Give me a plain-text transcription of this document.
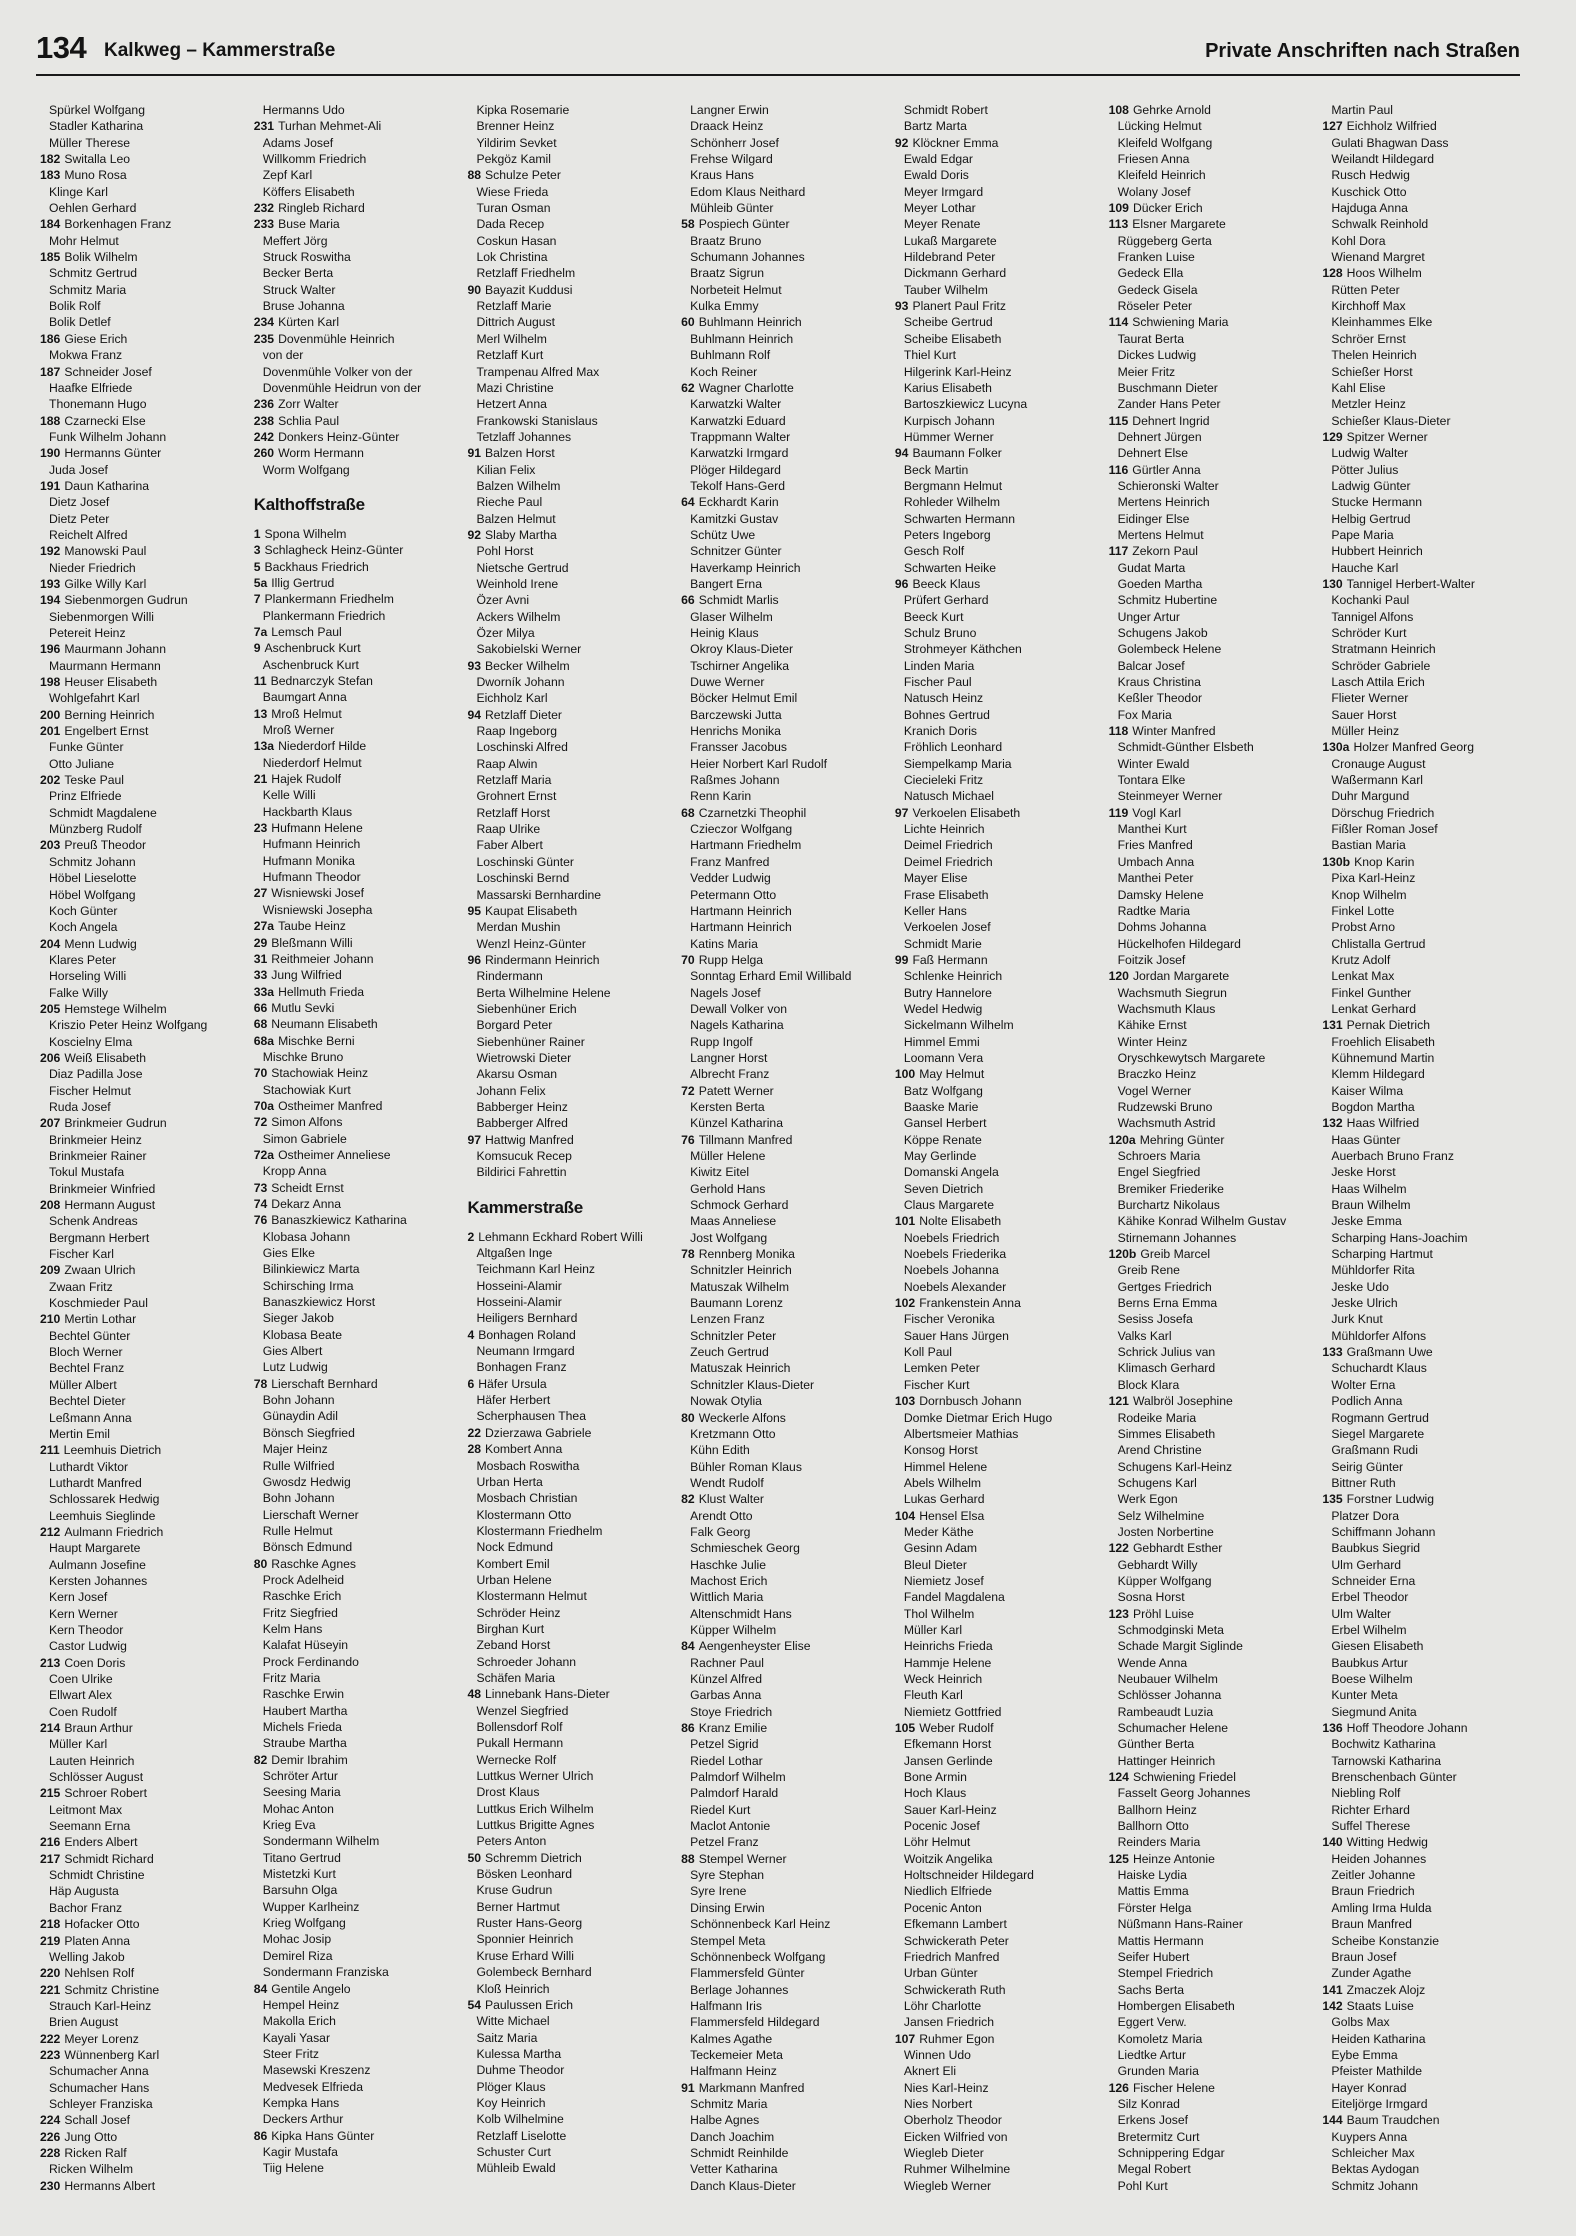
134 Kalkweg – Kammerstraße	Private Anschriften nach Straßen
Spürkel Wolfgang
Stadler Katharina
Müller Therese
182 Switalla Leo
183 Muno Rosa
Klinge Karl
Oehlen Gerhard
184 Borkenhagen Franz
Mohr Helmut
185 Bolik Wilhelm
Schmitz Gertrud
Schmitz Maria
Bolik Rolf
Bolik Detlef
186 Giese Erich
Mokwa Franz
187 Schneider Josef
Haafke Elfriede
Thonemann Hugo
188 Czarnecki Else
Funk Wilhelm Johann
190 Hermanns Günter
Juda Josef
191 Daun Katharina
Dietz Josef
Dietz Peter
Reichelt Alfred
192 Manowski Paul
Nieder Friedrich
193 Gilke Willy Karl
194 Siebenmorgen Gudrun
Siebenmorgen Willi
Petereit Heinz
196 Maurmann Johann
Maurmann Hermann
198 Heuser Elisabeth
Wohlgefahrt Karl
200 Berning Heinrich
201 Engelbert Ernst
Funke Günter
Otto Juliane
202 Teske Paul
Prinz Elfriede
Schmidt Magdalene
Münzberg Rudolf
203 Preuß Theodor
Schmitz Johann
Höbel Lieselotte
Höbel Wolfgang
Koch Günter
Koch Angela
204 Menn Ludwig
Klares Peter
Horseling Willi
Falke Willy
205 Hemstege Wilhelm
Kriszio Peter Heinz Wolfgang
Koscielny Elma
206 Weiß Elisabeth
Diaz Padilla Jose
Fischer Helmut
Ruda Josef
207 Brinkmeier Gudrun
Brinkmeier Heinz
Brinkmeier Rainer
Tokul Mustafa
Brinkmeier Winfried
208 Hermann August
Schenk Andreas
Bergmann Herbert
Fischer Karl
209 Zwaan Ulrich
Zwaan Fritz
Koschmieder Paul
210 Mertin Lothar
Bechtel Günter
Bloch Werner
Bechtel Franz
Müller Albert
Bechtel Dieter
Leßmann Anna
Mertin Emil
211 Leemhuis Dietrich
Luthardt Viktor
Luthardt Manfred
Schlossarek Hedwig
Leemhuis Sieglinde
212 Aulmann Friedrich
Haupt Margarete
Aulmann Josefine
Kersten Johannes
Kern Josef
Kern Werner
Kern Theodor
Castor Ludwig
213 Coen Doris
Coen Ulrike
Ellwart Alex
Coen Rudolf
214 Braun Arthur
Müller Karl
Lauten Heinrich
Schlösser August
215 Schroer Robert
Leitmont Max
Seemann Erna
216 Enders Albert
217 Schmidt Richard
Schmidt Christine
Häp Augusta
Bachor Franz
218 Hofacker Otto
219 Platen Anna
Welling Jakob
220 Nehlsen Rolf
221 Schmitz Christine
Strauch Karl-Heinz
Brien August
222 Meyer Lorenz
223 Wünnenberg Karl
Schumacher Anna
Schumacher Hans
Schleyer Franziska
224 Schall Josef
226 Jung Otto
228 Ricken Ralf
Ricken Wilhelm
230 Hermanns Albert
Hermanns Udo
231 Turhan Mehmet-Ali
Adams Josef
Willkomm Friedrich
Zepf Karl
Köffers Elisabeth
232 Ringleb Richard
233 Buse Maria
Meffert Jörg
Struck Roswitha
Becker Berta
Struck Walter
Bruse Johanna
234 Kürten Karl
235 Dovenmühle Heinrich
von der
Dovenmühle Volker von der
Dovenmühle Heidrun von der
236 Zorr Walter
238 Schlia Paul
242 Donkers Heinz-Günter
260 Worm Hermann
Worm Wolfgang
Kalthoffstraße
1 Spona Wilhelm
3 Schlagheck Heinz-Günter
5 Backhaus Friedrich
5a Illig Gertrud
7 Plankermann Friedhelm
Plankermann Friedrich
7a Lemsch Paul
9 Aschenbruck Kurt
Aschenbruck Kurt
11 Bednarczyk Stefan
Baumgart Anna
13 Mroß Helmut
Mroß Werner
13a Niederdorf Hilde
Niederdorf Helmut
21 Hajek Rudolf
Kelle Willi
Hackbarth Klaus
23 Hufmann Helene
Hufmann Heinrich
Hufmann Monika
Hufmann Theodor
27 Wisniewski Josef
Wisniewski Josepha
27a Taube Heinz
29 Bleßmann Willi
31 Reithmeier Johann
33 Jung Wilfried
33a Hellmuth Frieda
66 Mutlu Sevki
68 Neumann Elisabeth
68a Mischke Berni
Mischke Bruno
70 Stachowiak Heinz
Stachowiak Kurt
70a Ostheimer Manfred
72 Simon Alfons
Simon Gabriele
72a Ostheimer Anneliese
Kropp Anna
73 Scheidt Ernst
74 Dekarz Anna
76 Banaszkiewicz Katharina
Klobasa Johann
Gies Elke
Bilinkiewicz Marta
Schirsching Irma
Banaszkiewicz Horst
Sieger Jakob
Klobasa Beate
Gies Albert
Lutz Ludwig
78 Lierschaft Bernhard
Bohn Johann
Günaydin Adil
Bönsch Siegfried
Majer Heinz
Rulle Wilfried
Gwosdz Hedwig
Bohn Johann
Lierschaft Werner
Rulle Helmut
Bönsch Edmund
80 Raschke Agnes
Prock Adelheid
Raschke Erich
Fritz Siegfried
Kelm Hans
Kalafat Hüseyin
Prock Ferdinando
Fritz Maria
Raschke Erwin
Haubert Martha
Michels Frieda
Straube Martha
82 Demir Ibrahim
Schröter Artur
Seesing Maria
Mohac Anton
Krieg Eva
Sondermann Wilhelm
Titano Gertrud
Mistetzki Kurt
Barsuhn Olga
Wupper Karlheinz
Krieg Wolfgang
Mohac Josip
Demirel Riza
Sondermann Franziska
84 Gentile Angelo
Hempel Heinz
Makolla Erich
Kayali Yasar
Steer Fritz
Masewski Kreszenz
Medvesek Elfrieda
Kempka Hans
Deckers Arthur
86 Kipka Hans Günter
Kagir Mustafa
Tiig Helene
Kipka Rosemarie
Brenner Heinz
Yildirim Sevket
Pekgöz Kamil
88 Schulze Peter
Wiese Frieda
Turan Osman
Dada Recep
Coskun Hasan
Lok Christina
Retzlaff Friedhelm
90 Bayazit Kuddusi
Retzlaff Marie
Dittrich August
Merl Wilhelm
Retzlaff Kurt
Trampenau Alfred Max
Mazi Christine
Hetzert Anna
Frankowski Stanislaus
Tetzlaff Johannes
91 Balzen Horst
Kilian Felix
Balzen Wilhelm
Rieche Paul
Balzen Helmut
92 Slaby Martha
Pohl Horst
Nietsche Gertrud
Weinhold Irene
Özer Avni
Ackers Wilhelm
Özer Milya
Sakobielski Werner
93 Becker Wilhelm
Dworník Johann
Eichholz Karl
94 Retzlaff Dieter
Raap Ingeborg
Loschinski Alfred
Raap Alwin
Retzlaff Maria
Grohnert Ernst
Retzlaff Horst
Raap Ulrike
Faber Albert
Loschinski Günter
Loschinski Bernd
Massarski Bernhardine
95 Kaupat Elisabeth
Merdan Mushin
Wenzl Heinz-Günter
96 Rindermann Heinrich
Rindermann
Berta Wilhelmine Helene
Siebenhüner Erich
Borgard Peter
Siebenhüner Rainer
Wietrowski Dieter
Akarsu Osman
Johann Felix
Babberger Heinz
Babberger Alfred
97 Hattwig Manfred
Komsucuk Recep
Bildirici Fahrettin
Kammerstraße
2 Lehmann Eckhard Robert Willi
Altgaßen Inge
Teichmann Karl Heinz
Hosseini-Alamir
Hosseini-Alamir
Heiligers Bernhard
4 Bonhagen Roland
Neumann Irmgard
Bonhagen Franz
6 Häfer Ursula
Häfer Herbert
Scherphausen Thea
22 Dzierzawa Gabriele
28 Kombert Anna
Mosbach Roswitha
Urban Herta
Mosbach Christian
Klostermann Otto
Klostermann Friedhelm
Nock Edmund
Kombert Emil
Urban Helene
Klostermann Helmut
Schröder Heinz
Birghan Kurt
Zeband Horst
Schroeder Johann
Schäfen Maria
48 Linnebank Hans-Dieter
Wenzel Siegfried
Bollensdorf Rolf
Pukall Hermann
Wernecke Rolf
Luttkus Werner Ulrich
Drost Klaus
Luttkus Erich Wilhelm
Luttkus Brigitte Agnes
Peters Anton
50 Schremm Dietrich
Bösken Leonhard
Kruse Gudrun
Berner Hartmut
Ruster Hans-Georg
Sponnier Heinrich
Kruse Erhard Willi
Golembeck Bernhard
Kloß Heinrich
54 Paulussen Erich
Witte Michael
Saitz Maria
Kulessa Martha
Duhme Theodor
Plöger Klaus
Koy Heinrich
Kolb Wilhelmine
Retzlaff Liselotte
Schuster Curt
Mühleib Ewald
Langner Erwin
Draack Heinz
Schönherr Josef
Frehse Wilgard
Kraus Hans
Edom Klaus Neithard
Mühleib Günter
58 Pospiech Günter
Braatz Bruno
Schumann Johannes
Braatz Sigrun
Norbeteit Helmut
Kulka Emmy
60 Buhlmann Heinrich
Buhlmann Heinrich
Buhlmann Rolf
Koch Reiner
62 Wagner Charlotte
Karwatzki Walter
Karwatzki Eduard
Trappmann Walter
Karwatzki Irmgard
Plöger Hildegard
Tekolf Hans-Gerd
64 Eckhardt Karin
Kamitzki Gustav
Schütz Uwe
Schnitzer Günter
Haverkamp Heinrich
Bangert Erna
66 Schmidt Marlis
Glaser Wilhelm
Heinig Klaus
Okroy Klaus-Dieter
Tschirner Angelika
Duwe Werner
Böcker Helmut Emil
Barczewski Jutta
Henrichs Monika
Fransser Jacobus
Heier Norbert Karl Rudolf
Raßmes Johann
Renn Karin
68 Czarnetzki Theophil
Czieczor Wolfgang
Hartmann Friedhelm
Franz Manfred
Vedder Ludwig
Petermann Otto
Hartmann Heinrich
Hartmann Heinrich
Katins Maria
70 Rupp Helga
Sonntag Erhard Emil Willibald
Nagels Josef
Dewall Volker von
Nagels Katharina
Rupp Ingolf
Langner Horst
Albrecht Franz
72 Patett Werner
Kersten Berta
Künzel Katharina
76 Tillmann Manfred
Müller Helene
Kiwitz Eitel
Gerhold Hans
Schmock Gerhard
Maas Anneliese
Jost Wolfgang
78 Rennberg Monika
Schnitzler Heinrich
Matuszak Wilhelm
Baumann Lorenz
Lenzen Franz
Schnitzler Peter
Zeuch Gertrud
Matuszak Heinrich
Schnitzler Klaus-Dieter
Nowak Otylia
80 Weckerle Alfons
Kretzmann Otto
Kühn Edith
Bühler Roman Klaus
Wendt Rudolf
82 Klust Walter
Arendt Otto
Falk Georg
Schmieschek Georg
Haschke Julie
Machost Erich
Wittlich Maria
Altenschmidt Hans
Küpper Wilhelm
84 Aengenheyster Elise
Rachner Paul
Künzel Alfred
Garbas Anna
Stoye Friedrich
86 Kranz Emilie
Petzel Sigrid
Riedel Lothar
Palmdorf Wilhelm
Palmdorf Harald
Riedel Kurt
Maclot Antonie
Petzel Franz
88 Stempel Werner
Syre Stephan
Syre Irene
Dinsing Erwin
Schönnenbeck Karl Heinz
Stempel Meta
Schönnenbeck Wolfgang
Flammersfeld Günter
Berlage Johannes
Halfmann Iris
Flammersfeld Hildegard
Kalmes Agathe
Teckemeier Meta
Halfmann Heinz
91 Markmann Manfred
Schmitz Maria
Halbe Agnes
Danch Joachim
Schmidt Reinhilde
Vetter Katharina
Danch Klaus-Dieter
Schmidt Robert
Bartz Marta
92 Klöckner Emma
Ewald Edgar
Ewald Doris
Meyer Irmgard
Meyer Lothar
Meyer Renate
Lukaß Margarete
Hildebrand Peter
Dickmann Gerhard
Tauber Wilhelm
93 Planert Paul Fritz
Scheibe Gertrud
Scheibe Elisabeth
Thiel Kurt
Hilgerink Karl-Heinz
Karius Elisabeth
Bartoszkiewicz Lucyna
Kurpisch Johann
Hümmer Werner
94 Baumann Folker
Beck Martin
Bergmann Helmut
Rohleder Wilhelm
Schwarten Hermann
Peters Ingeborg
Gesch Rolf
Schwarten Heike
96 Beeck Klaus
Prüfert Gerhard
Beeck Kurt
Schulz Bruno
Strohmeyer Käthchen
Linden Maria
Fischer Paul
Natusch Heinz
Bohnes Gertrud
Kranich Doris
Fröhlich Leonhard
Siempelkamp Maria
Ciecieleki Fritz
Natusch Michael
97 Verkoelen Elisabeth
Lichte Heinrich
Deimel Friedrich
Deimel Friedrich
Mayer Elise
Frase Elisabeth
Keller Hans
Verkoelen Josef
Schmidt Marie
99 Faß Hermann
Schlenke Heinrich
Butry Hannelore
Wedel Hedwig
Sickelmann Wilhelm
Himmel Emmi
Loomann Vera
100 May Helmut
Batz Wolfgang
Baaske Marie
Gansel Herbert
Köppe Renate
May Gerlinde
Domanski Angela
Seven Dietrich
Claus Margarete
101 Nolte Elisabeth
Noebels Friedrich
Noebels Friederika
Noebels Johanna
Noebels Alexander
102 Frankenstein Anna
Fischer Veronika
Sauer Hans Jürgen
Koll Paul
Lemken Peter
Fischer Kurt
103 Dornbusch Johann
Domke Dietmar Erich Hugo
Albertsmeier Mathias
Konsog Horst
Himmel Helene
Abels Wilhelm
Lukas Gerhard
104 Hensel Elsa
Meder Käthe
Gesinn Adam
Bleul Dieter
Niemietz Josef
Fandel Magdalena
Thol Wilhelm
Müller Karl
Heinrichs Frieda
Hammje Helene
Weck Heinrich
Fleuth Karl
Niemietz Gottfried
105 Weber Rudolf
Efkemann Horst
Jansen Gerlinde
Bone Armin
Hoch Klaus
Sauer Karl-Heinz
Pocenic Josef
Löhr Helmut
Woitzik Angelika
Holtschneider Hildegard
Niedlich Elfriede
Pocenic Anton
Efkemann Lambert
Schwickerath Peter
Friedrich Manfred
Urban Günter
Schwickerath Ruth
Löhr Charlotte
Jansen Friedrich
107 Ruhmer Egon
Winnen Udo
Aknert Eli
Nies Karl-Heinz
Nies Norbert
Oberholz Theodor
Eicken Wilfried von
Wiegleb Dieter
Ruhmer Wilhelmine
Wiegleb Werner
108 Gehrke Arnold
Lücking Helmut
Kleifeld Wolfgang
Friesen Anna
Kleifeld Heinrich
Wolany Josef
109 Dücker Erich
113 Elsner Margarete
Rüggeberg Gerta
Franken Luise
Gedeck Ella
Gedeck Gisela
Röseler Peter
114 Schwiening Maria
Taurat Berta
Dickes Ludwig
Meier Fritz
Buschmann Dieter
Zander Hans Peter
115 Dehnert Ingrid
Dehnert Jürgen
Dehnert Else
116 Gürtler Anna
Schieronski Walter
Mertens Heinrich
Eidinger Else
Mertens Helmut
117 Zekorn Paul
Gudat Marta
Goeden Martha
Schmitz Hubertine
Unger Artur
Schugens Jakob
Golembeck Helene
Balcar Josef
Kraus Christina
Keßler Theodor
Fox Maria
118 Winter Manfred
Schmidt-Günther Elsbeth
Winter Ewald
Tontara Elke
Steinmeyer Werner
119 Vogl Karl
Manthei Kurt
Fries Manfred
Umbach Anna
Manthei Peter
Damsky Helene
Radtke Maria
Dohms Johanna
Hückelhofen Hildegard
Foitzik Josef
120 Jordan Margarete
Wachsmuth Siegrun
Wachsmuth Klaus
Kähike Ernst
Winter Heinz
Oryschkewytsch Margarete
Braczko Heinz
Vogel Werner
Rudzewski Bruno
Wachsmuth Astrid
120a Mehring Günter
Schroers Maria
Engel Siegfried
Bremiker Friederike
Burchartz Nikolaus
Kähike Konrad Wilhelm Gustav
Stirnemann Johannes
120b Greib Marcel
Greib Rene
Gertges Friedrich
Berns Erna Emma
Sesiss Josefa
Valks Karl
Schrick Julius van
Klimasch Gerhard
Block Klara
121 Walbröl Josephine
Rodeike Maria
Simmes Elisabeth
Arend Christine
Schugens Karl-Heinz
Schugens Karl
Werk Egon
Selz Wilhelmine
Josten Norbertine
122 Gebhardt Esther
Gebhardt Willy
Küpper Wolfgang
Sosna Horst
123 Pröhl Luise
Schmodginski Meta
Schade Margit Siglinde
Wende Anna
Neubauer Wilhelm
Schlösser Johanna
Rambeaudt Luzia
Schumacher Helene
Günther Berta
Hattinger Heinrich
124 Schwiening Friedel
Fasselt Georg Johannes
Ballhorn Heinz
Ballhorn Otto
Reinders Maria
125 Heinze Antonie
Haiske Lydia
Mattis Emma
Förster Helga
Nüßmann Hans-Rainer
Mattis Hermann
Seifer Hubert
Stempel Friedrich
Sachs Berta
Hombergen Elisabeth
Eggert Verw.
Komoletz Maria
Liedtke Artur
Grunden Maria
126 Fischer Helene
Silz Konrad
Erkens Josef
Bretermitz Curt
Schnippering Edgar
Megal Robert
Pohl Kurt
Martin Paul
127 Eichholz Wilfried
Gulati Bhagwan Dass
Weilandt Hildegard
Rusch Hedwig
Kuschick Otto
Hajduga Anna
Schwalk Reinhold
Kohl Dora
Wienand Margret
128 Hoos Wilhelm
Rütten Peter
Kirchhoff Max
Kleinhammes Elke
Schröer Ernst
Thelen Heinrich
Schießer Horst
Kahl Elise
Metzler Heinz
Schießer Klaus-Dieter
129 Spitzer Werner
Ludwig Walter
Pötter Julius
Ladwig Günter
Stucke Hermann
Helbig Gertrud
Pape Maria
Hubbert Heinrich
Hauche Karl
130 Tannigel Herbert-Walter
Kochanki Paul
Tannigel Alfons
Schröder Kurt
Stratmann Heinrich
Schröder Gabriele
Lasch Attila Erich
Flieter Werner
Sauer Horst
Müller Heinz
130a Holzer Manfred Georg
Cronauge August
Waßermann Karl
Duhr Margund
Dörschug Friedrich
Fißler Roman Josef
Bastian Maria
130b Knop Karin
Pixa Karl-Heinz
Knop Wilhelm
Finkel Lotte
Probst Arno
Chlistalla Gertrud
Krutz Adolf
Lenkat Max
Finkel Gunther
Lenkat Gerhard
131 Pernak Dietrich
Froehlich Elisabeth
Kühnemund Martin
Klemm Hildegard
Kaiser Wilma
Bogdon Martha
132 Haas Wilfried
Haas Günter
Auerbach Bruno Franz
Jeske Horst
Haas Wilhelm
Braun Wilhelm
Jeske Emma
Scharping Hans-Joachim
Scharping Hartmut
Mühldorfer Rita
Jeske Udo
Jeske Ulrich
Jurk Knut
Mühldorfer Alfons
133 Graßmann Uwe
Schuchardt Klaus
Wolter Erna
Podlich Anna
Rogmann Gertrud
Siegel Margarete
Graßmann Rudi
Seirig Günter
Bittner Ruth
135 Forstner Ludwig
Platzer Dora
Schiffmann Johann
Baubkus Siegrid
Ulm Gerhard
Schneider Erna
Erbel Theodor
Ulm Walter
Erbel Wilhelm
Giesen Elisabeth
Baubkus Artur
Boese Wilhelm
Kunter Meta
Siegmund Anita
136 Hoff Theodore Johann
Bochwitz Katharina
Tarnowski Katharina
Brenschenbach Günter
Niebling Rolf
Richter Erhard
Suffel Therese
140 Witting Hedwig
Heiden Johannes
Zeitler Johanne
Braun Friedrich
Amling Irma Hulda
Braun Manfred
Scheibe Konstanzie
Braun Josef
Zunder Agathe
141 Zmaczek Alojz
142 Staats Luise
Golbs Max
Heiden Katharina
Eybe Emma
Pfeister Mathilde
Hayer Konrad
Eiteljörge Irmgard
144 Baum Traudchen
Kuypers Anna
Schleicher Max
Bektas Aydogan
Schmitz Johann
